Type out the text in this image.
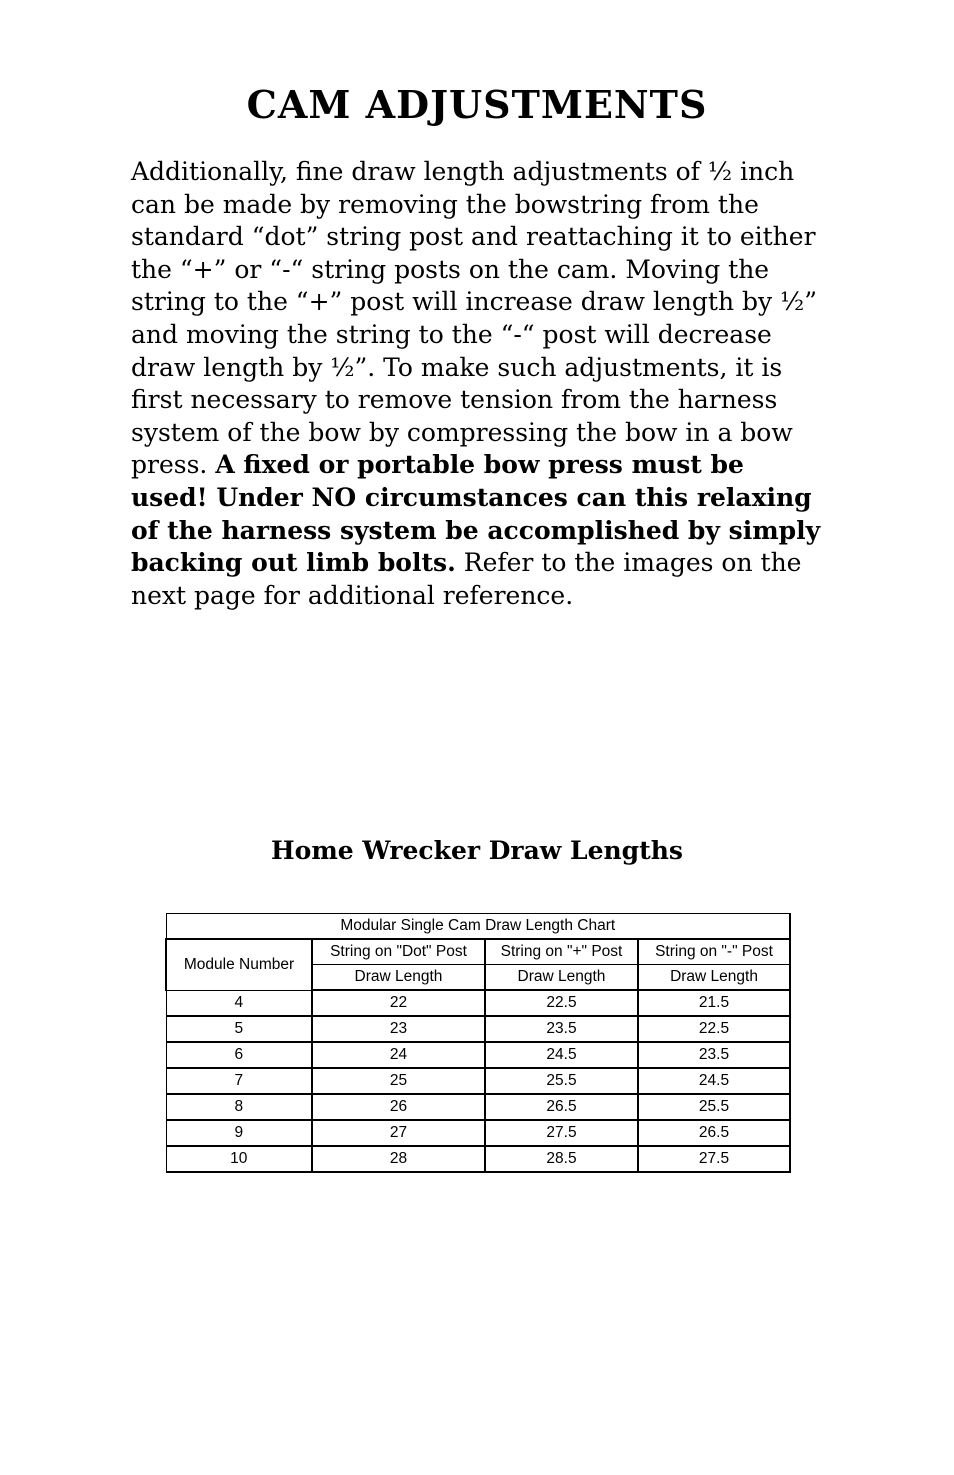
CAM ADJUSTMENTS

Additionally, fine draw length adjustments of ½ inch can be made by removing the bowstring from the standard “dot” string post and reattaching it to either the “+” or “-“ string posts on the cam. Moving the string to the “+” post will increase draw length by ½” and moving the string to the “-“ post will decrease draw length by ½”. To make such adjustments, it is first necessary to remove tension from the harness system of the bow by compressing the bow in a bow press. A fixed or portable bow press must be used! Under NO circumstances can this relaxing of the harness system be accomplished by simply backing out limb bolts. Refer to the images on the next page for additional reference.

Home Wrecker Draw Lengths
Modular Single Cam Draw Length Chart			
Module Number	String on "Dot" Post	String on "+" Post	String on "-" Post
	Draw Length	Draw Length	Draw Length
4	22	22.5	21.5
5	23	23.5	22.5
6	24	24.5	23.5
7	25	25.5	24.5
8	26	26.5	25.5
9	27	27.5	26.5
10	28	28.5	27.5
